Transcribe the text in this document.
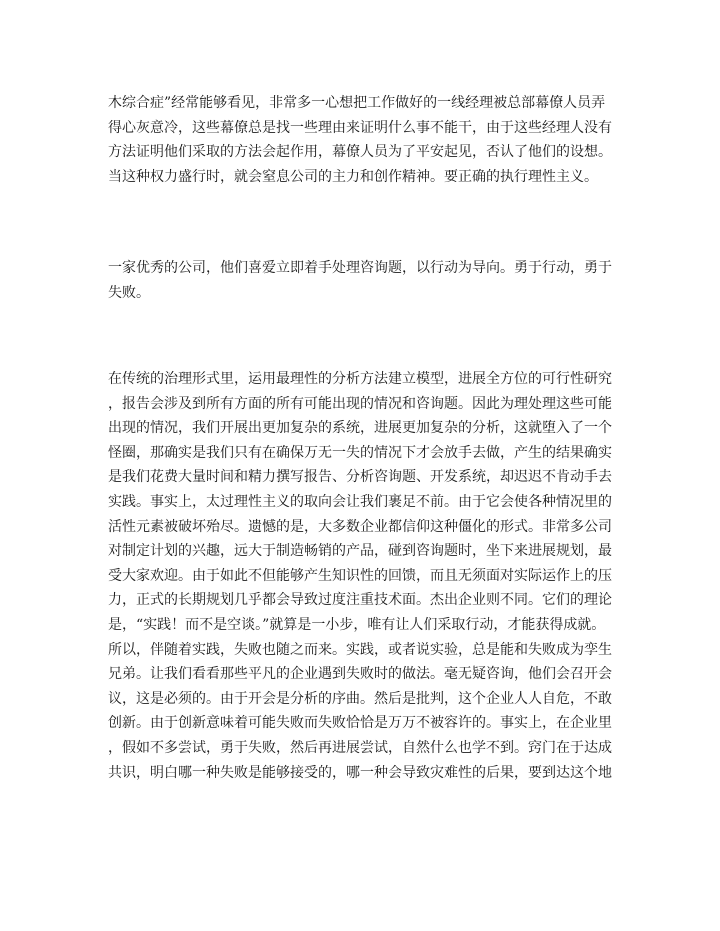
木综合症”经常能够看见，非常多一心想把工作做好的一线经理被总部幕僚人员弄
得心灰意冷，这些幕僚总是找一些理由来证明什么事不能干，由于这些经理人没有
方法证明他们采取的方法会起作用，幕僚人员为了平安起见，否认了他们的设想。
当这种权力盛行时，就会窒息公司的主力和创作精神。要正确的执行理性主义。
一家优秀的公司，他们喜爱立即着手处理咨询题，以行动为导向。勇于行动，勇于
失败。
在传统的治理形式里，运用最理性的分析方法建立模型，进展全方位的可行性研究
，报告会涉及到所有方面的所有可能出现的情况和咨询题。因此为理处理这些可能
出现的情况，我们开展出更加复杂的系统，进展更加复杂的分析，这就堕入了一个
怪圈，那确实是我们只有在确保万无一失的情况下才会放手去做，产生的结果确实
是我们花费大量时间和精力撰写报告、分析咨询题、开发系统，却迟迟不肯动手去
实践。事实上，太过理性主义的取向会让我们裹足不前。由于它会使各种情况里的
活性元素被破坏殆尽。遗憾的是，大多数企业都信仰这种僵化的形式。非常多公司
对制定计划的兴趣，远大于制造畅销的产品，碰到咨询题时，坐下来进展规划，最
受大家欢迎。由于如此不但能够产生知识性的回馈，而且无须面对实际运作上的压
力，正式的长期规划几乎都会导致过度注重技术面。杰出企业则不同。它们的理论
是，“实践！而不是空谈。”就算是一小步，唯有让人们采取行动，才能获得成就。
所以，伴随着实践，失败也随之而来。实践，或者说实验，总是能和失败成为孪生
兄弟。让我们看看那些平凡的企业遇到失败时的做法。毫无疑咨询，他们会召开会
议，这是必须的。由于开会是分析的序曲。然后是批判，这个企业人人自危，不敢
创新。由于创新意味着可能失败而失败恰恰是万万不被容许的。事实上，在企业里
，假如不多尝试，勇于失败，然后再进展尝试，自然什么也学不到。窍门在于达成
共识，明白哪一种失败是能够接受的，哪一种会导致灾难性的后果，要到达这个地
